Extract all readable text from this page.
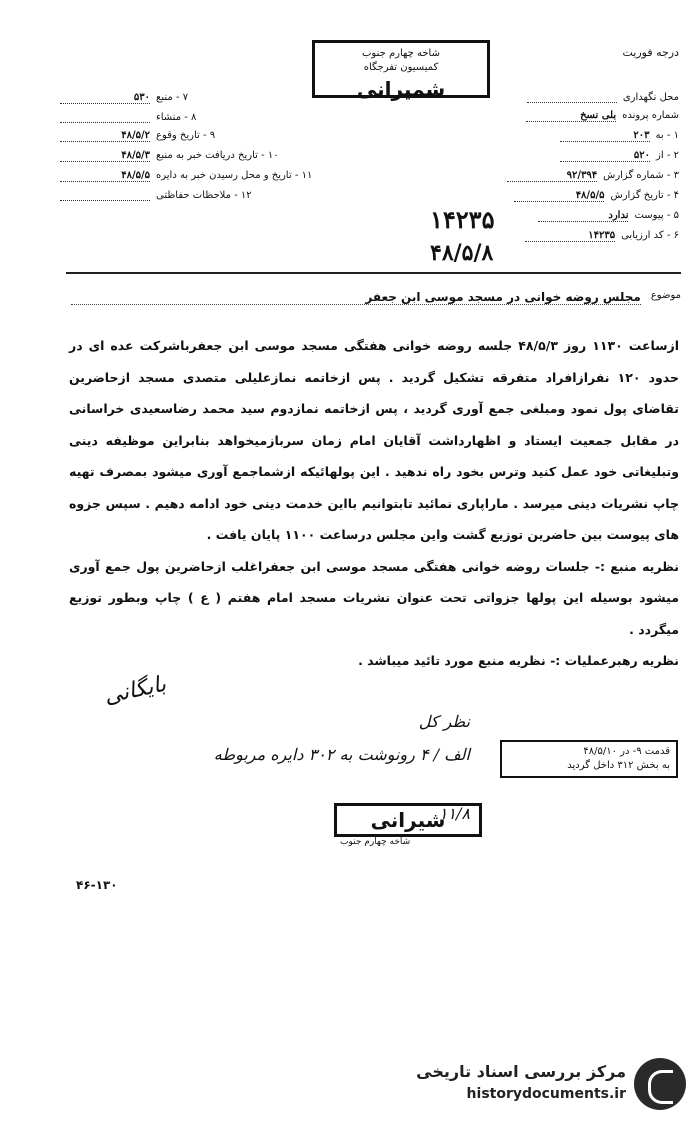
درجه فوریت
شاخه چهارم جنوب
کمیسیون تفرجگاه
شمیرانی	محل نگهداری
شماره پرونده
بلی نسخ
۱ - به
۲۰۳
۲ - از
۵۲۰
۳ - شماره گزارش
۹۲/۳۹۴
۴ - تاریخ گزارش
۴۸/۵/۵
۵ - پیوست
ندارد
۶ - کد ارزیابی
۱۴۲۳۵
۷ - منبع
۵۳۰
۸ - منشاء
۹ - تاریخ وقوع
۴۸/۵/۲
۱۰ - تاریخ دریافت خبر به منبع
۴۸/۵/۳
۱۱ - تاریخ و محل رسیدن خبر به دایره
۴۸/۵/۵
۱۲ - ملاحظات حفاظتی
۱۴۲۳۵
۴۸/۵/۸
موضوع
مجلس روضه خوانی در مسجد موسی ابن جعفر

ازساعت ۱۱۳۰ روز ۴۸/۵/۳ جلسه روضه خوانی هفتگی مسجد موسی ابن جعفرباشرکت عده ای در حدود ۱۲۰ نفرازافراد متفرقه تشکیل گردید . پس ازخاتمه نمازعلیلی متصدی مسجد ازحاضرین تقاضای پول نمود ومبلغی جمع آوری گردید ، پس ازخاتمه نمازدوم سید محمد رضاسعیدی خراسانی در مقابل جمعیت ایستاد و اظهارداشت آقایان امام زمان سربازمیخواهد بنابراین موظیفه دینی وتبلیغاتی خود عمل کنید وترس بخود راه ندهید . این پولهائیکه ازشماجمع آوری میشود بمصرف تهیه چاپ نشریات دینی میرسد . ماراپاری نمائید تابتوانیم بااین خدمت دینی خود ادامه دهیم . سپس جزوه های پیوست بین حاضرین توزیع گشت واین مجلس درساعت ۱۱۰۰ پایان یافت .

نظریه منبع :- جلسات روضه خوانی هفتگی مسجد موسی ابن جعفراغلب ازحاضرین پول جمع آوری میشود بوسیله این پولها جزواتی تحت عنوان نشریات مسجد امام هفتم ( ع ) چاپ وبطور توزیع میگردد .

نظریه رهبرعملیات :- نظریه منبع مورد تائید میباشد .

بایگانی
نظر کل
الف / ۴ رونوشت به ۳۰۲ دایره مربوطه
۱۱/۸
قدمت ۹- در ۴۸/۵/۱۰
به بخش ۳۱۲ داخل گردید
شیرانی
شاخه چهارم جنوب
۴۶-۱۳۰
مرکز بررسی اسناد تاریخی
historydocuments.ir
